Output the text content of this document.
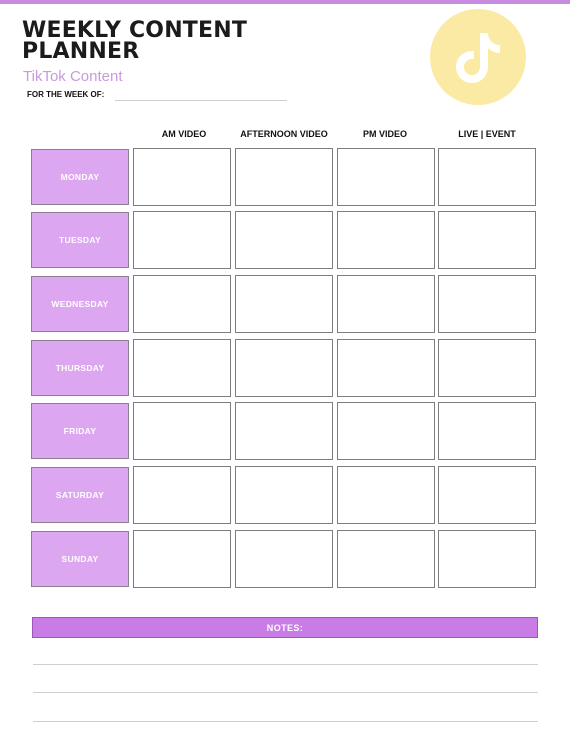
WEEKLY CONTENT
PLANNER
TikTok Content
FOR THE WEEK OF:
AM VIDEO	AFTERNOON VIDEO	PM VIDEO	LIVE | EVENT
MONDAY
TUESDAY
WEDNESDAY
THURSDAY
FRIDAY
SATURDAY
SUNDAY
NOTES:
